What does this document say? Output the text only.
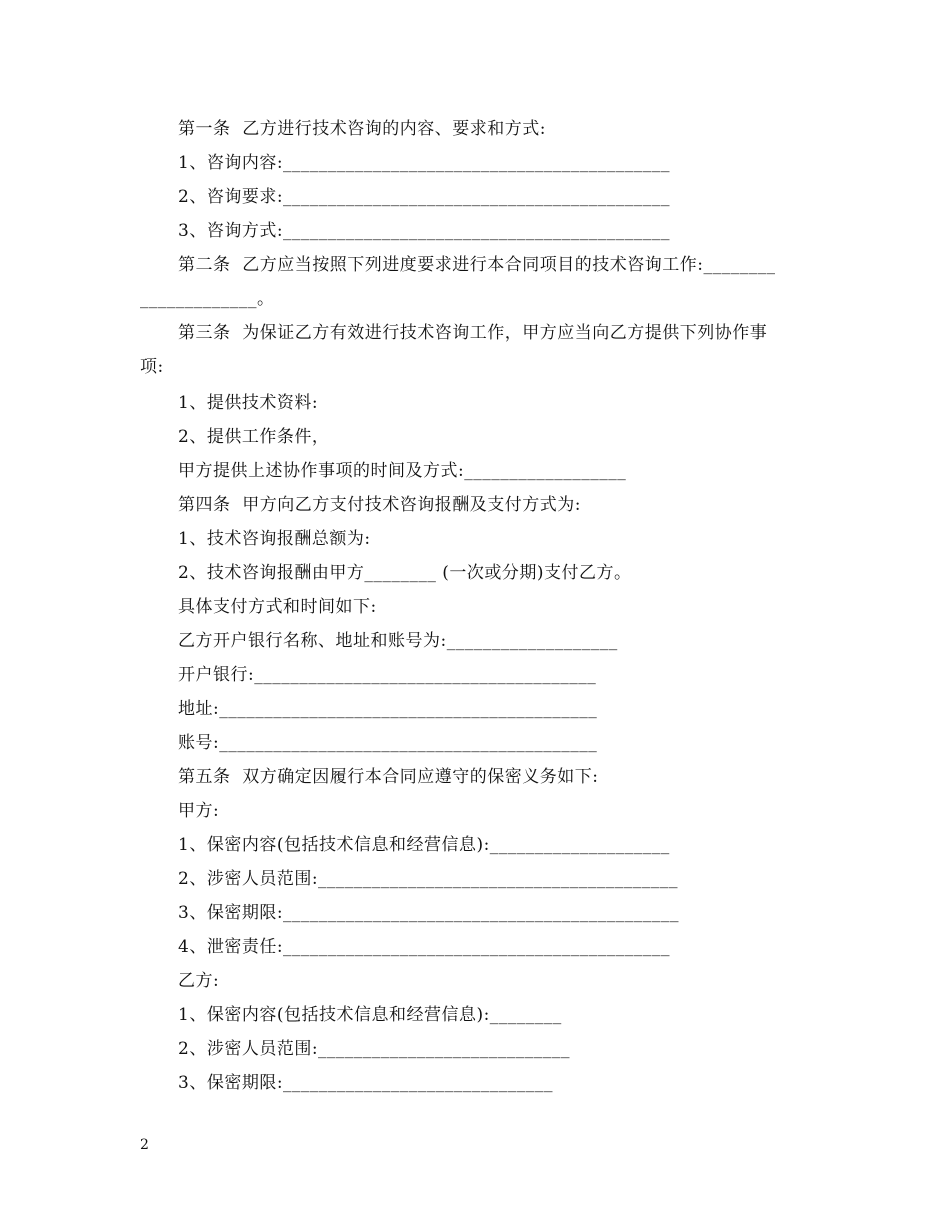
第一条  乙方进行技术咨询的内容、要求和方式:
1、咨询内容:___________________________________________
2、咨询要求:___________________________________________
3、咨询方式:___________________________________________
第二条  乙方应当按照下列进度要求进行本合同项目的技术咨询工作:________
_____________。
第三条  为保证乙方有效进行技术咨询工作，甲方应当向乙方提供下列协作事
项:
1、提供技术资料:
2、提供工作条件，
甲方提供上述协作事项的时间及方式:__________________
第四条  甲方向乙方支付技术咨询报酬及支付方式为:
1、技术咨询报酬总额为:
2、技术咨询报酬由甲方________ (一次或分期)支付乙方。
具体支付方式和时间如下:
乙方开户银行名称、地址和账号为:___________________
开户银行:______________________________________
地址:__________________________________________
账号:__________________________________________
第五条  双方确定因履行本合同应遵守的保密义务如下:
甲方:
1、保密内容(包括技术信息和经营信息):____________________
2、涉密人员范围:________________________________________
3、保密期限:____________________________________________
4、泄密责任:___________________________________________
乙方:
1、保密内容(包括技术信息和经营信息):________
2、涉密人员范围:____________________________
3、保密期限:______________________________
2
